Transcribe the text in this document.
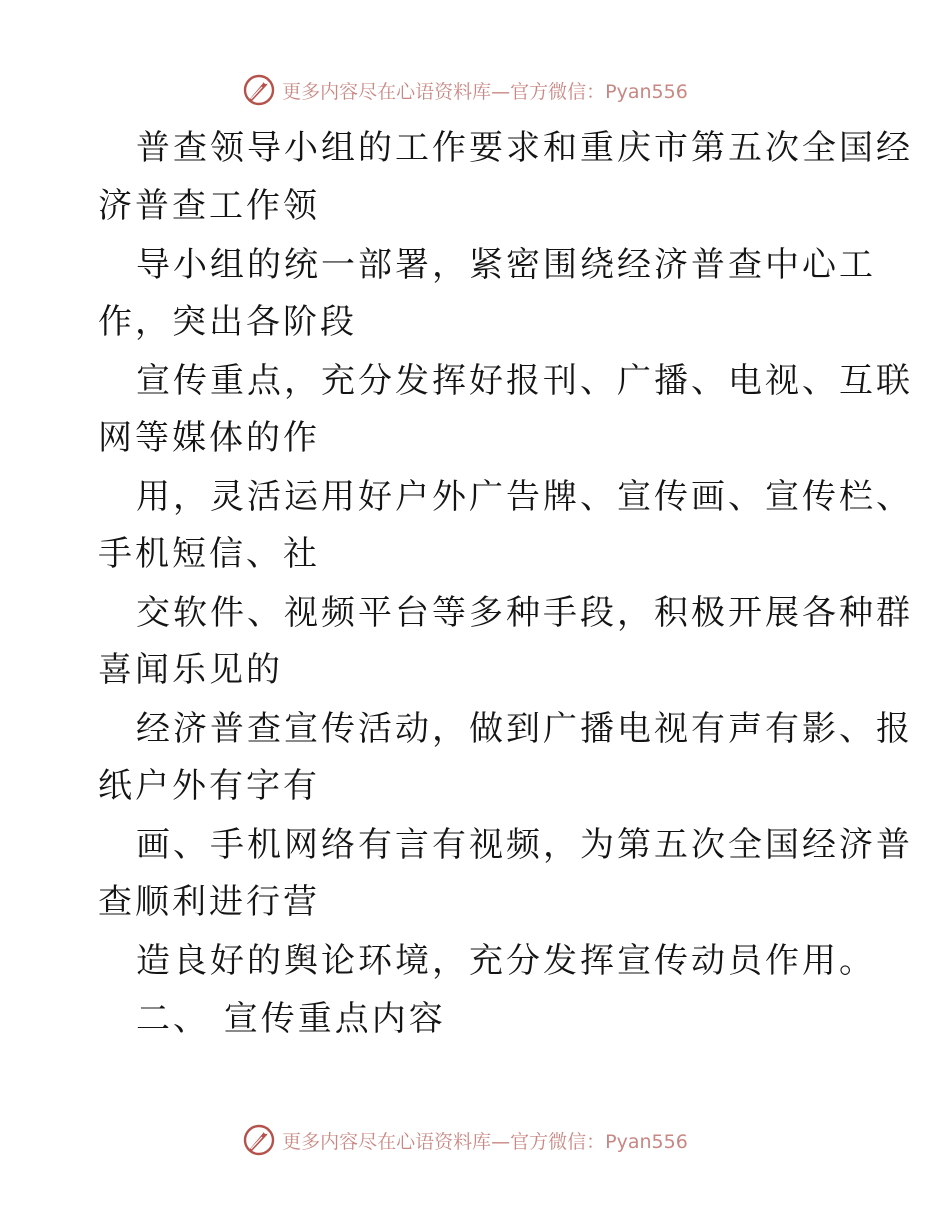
更多内容尽在心语资料库—官方微信：Pyan556
普查领导小组的工作要求和重庆市第五次全国经
济普查工作领
导小组的统一部署，紧密围绕经济普查中心工
作，突出各阶段
宣传重点，充分发挥好报刊、广播、电视、互联
网等媒体的作
用，灵活运用好户外广告牌、宣传画、宣传栏、
手机短信、社
交软件、视频平台等多种手段，积极开展各种群
喜闻乐见的
经济普查宣传活动，做到广播电视有声有影、报
纸户外有字有
画、手机网络有言有视频，为第五次全国经济普
查顺利进行营
造良好的舆论环境，充分发挥宣传动员作用。
二、 宣传重点内容
更多内容尽在心语资料库—官方微信：Pyan556
